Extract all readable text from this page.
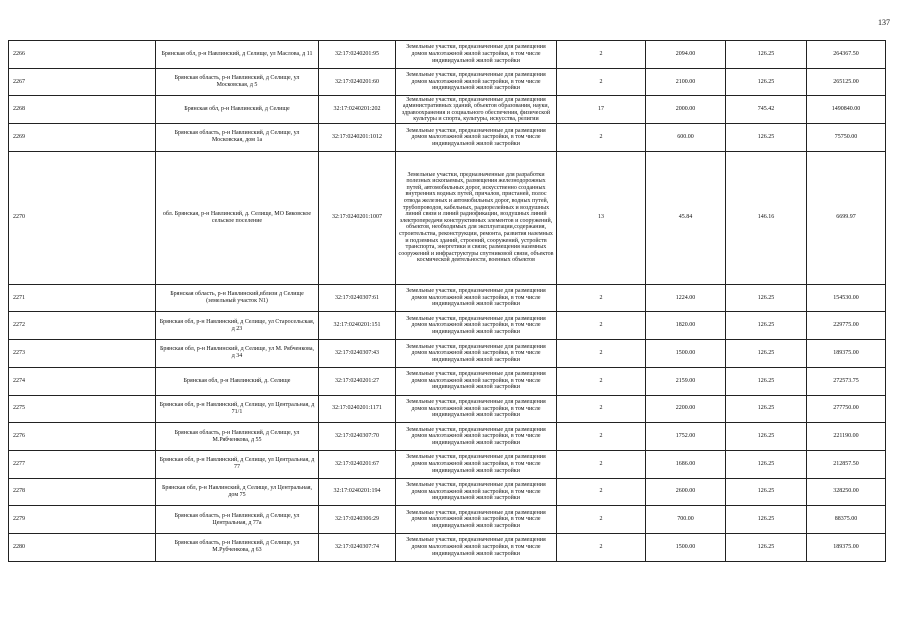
137
2266	Брянская обл, р-н Навлинский, д Селище, ул Маслова, д 11	32:17:0240201:95	Земельные участки, предназначенные для размещения домов малоэтажной жилой застройки, в том числе индивидуальной жилой застройки	2	2094.00	126.25	264367.50
2267	Брянская область, р-н Навлинский, д Селище, ул Московская, д 5	32:17:0240201:60	Земельные участки, предназначенные для размещения домов малоэтажной жилой застройки, в том числе индивидуальной жилой застройки	2	2100.00	126.25	265125.00
2268	Брянская обл, р-н Навлинский, д Селище	32:17:0240201:202	Земельные участки, предназначенные для размещения административных зданий, объектов образования, науки, здравоохранения и социального обеспечения, физической культуры и спорта, культуры, искусства, религии	17	2000.00	745.42	1490840.00
2269	Брянская область, р-н Навлинский, д Селище, ул Московская, дом 1а	32:17:0240201:1012	Земельные участки, предназначенные для размещения домов малоэтажной жилой застройки, в том числе индивидуальной жилой застройки	2	600.00	126.25	75750.00
2270	обл. Брянская, р-н Навлинский, д. Селище, МО Бяковское сельское поселение	32:17:0240201:1007	Земельные участки, предназначенные для разработки полезных ископаемых, размещения железнодорожных путей, автомобильных дорог, искусственно созданных внутренних водных путей, причалов, пристаней, полос отвода железных и автомобильных дорог, водных путей, трубопроводов, кабельных, радиорелейных и воздушных линий связи и линий радиофикации, воздушных линий электропередачи конструктивных элементов и сооружений, объектов, необходимых для эксплуатации,содержания, строительства, реконструкции, ремонта, развития наземных и подземных зданий, строений, сооружений, устройств транспорта, энергетики и связи; размещения наземных сооружений и инфраструктуры спутниковой связи, объектов космической деятельности, военных объектов	13	45.84	146.16	6699.97
2271	Брянская область, р-н Навлинский,вблизи д Селище (земельный участок N1)	32:17:0240307:61	Земельные участки, предназначенные для размещения домов малоэтажной жилой застройки, в том числе индивидуальной жилой застройки	2	1224.00	126.25	154530.00
2272	Брянская обл, р-н Навлинский, д Селище, ул Старосельская, д 23	32:17:0240201:151	Земельные участки, предназначенные для размещения домов малоэтажной жилой застройки, в том числе индивидуальной жилой застройки	2	1820.00	126.25	229775.00
2273	Брянская обл, р-н Навлинский, д Селище, ул М. Рябченкова, д 34	32:17:0240307:43	Земельные участки, предназначенные для размещения домов малоэтажной жилой застройки, в том числе индивидуальной жилой застройки	2	1500.00	126.25	189375.00
2274	Брянская обл, р-н Навлинский, д. Селище	32:17:0240201:27	Земельные участки, предназначенные для размещения домов малоэтажной жилой застройки, в том числе индивидуальной жилой застройки	2	2159.00	126.25	272573.75
2275	Брянская обл, р-н Навлинский, д Селище, ул Центральная, д 71/1	32:17:0240201:1171	Земельные участки, предназначенные для размещения домов малоэтажной жилой застройки, в том числе индивидуальной жилой застройки	2	2200.00	126.25	277750.00
2276	Брянская область, р-н Навлинский, д Селище, ул М.Рябченкова, д 55	32:17:0240307:70	Земельные участки, предназначенные для размещения домов малоэтажной жилой застройки, в том числе индивидуальной жилой застройки	2	1752.00	126.25	221190.00
2277	Брянская обл, р-н Навлинский, д Селище, ул Центральная, д 77	32:17:0240201:67	Земельные участки, предназначенные для размещения домов малоэтажной жилой застройки, в том числе индивидуальной жилой застройки	2	1686.00	126.25	212857.50
2278	Брянская обл, р-н Навлинский, д Селище, ул Центральная, дом 75	32:17:0240201:194	Земельные участки, предназначенные для размещения домов малоэтажной жилой застройки, в том числе индивидуальной жилой застройки	2	2600.00	126.25	328250.00
2279	Брянская область, р-н Навлинский, д Селище, ул Центральная, д 77а	32:17:0240306:29	Земельные участки, предназначенные для размещения домов малоэтажной жилой застройки, в том числе индивидуальной жилой застройки	2	700.00	126.25	88375.00
2280	Брянская область, р-н Навлинский, д Селище, ул М.Рубченкова, д 63	32:17:0240307:74	Земельные участки, предназначенные для размещения домов малоэтажной жилой застройки, в том числе индивидуальной жилой застройки	2	1500.00	126.25	189375.00
